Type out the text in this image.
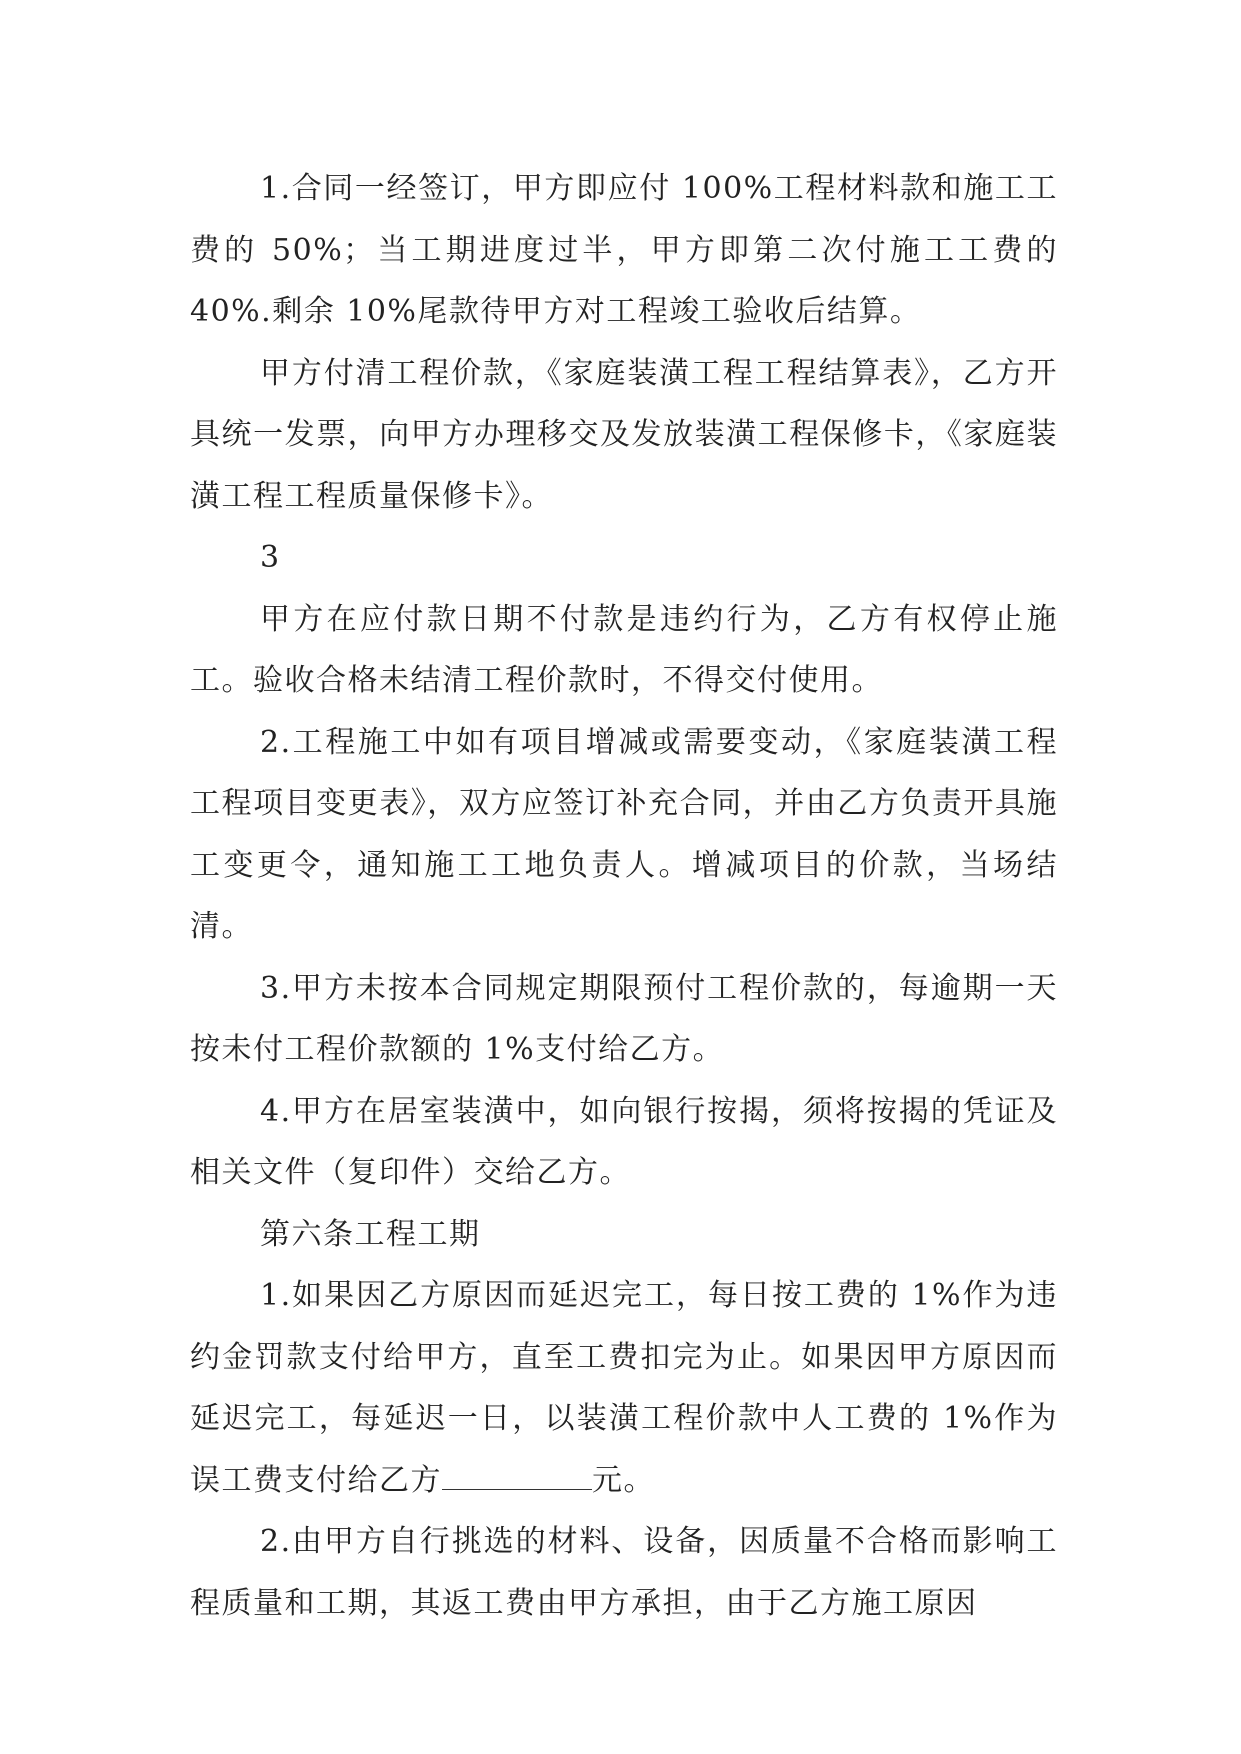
1.合同一经签订，甲方即应付 100%工程材料款和施工工费的 50%；当工期进度过半，甲方即第二次付施工工费的 40%.剩余 10%尾款待甲方对工程竣工验收后结算。

甲方付清工程价款，《家庭装潢工程工程结算表》，乙方开具统一发票，向甲方办理移交及发放装潢工程保修卡，《家庭装潢工程工程质量保修卡》。

3

甲方在应付款日期不付款是违约行为，乙方有权停止施工。验收合格未结清工程价款时，不得交付使用。

2.工程施工中如有项目增减或需要变动，《家庭装潢工程工程项目变更表》，双方应签订补充合同，并由乙方负责开具施工变更令，通知施工工地负责人。增减项目的价款，当场结清。

3.甲方未按本合同规定期限预付工程价款的，每逾期一天按未付工程价款额的 1%支付给乙方。

4.甲方在居室装潢中，如向银行按揭，须将按揭的凭证及相关文件（复印件）交给乙方。

第六条工程工期

1.如果因乙方原因而延迟完工，每日按工费的 1%作为违约金罚款支付给甲方，直至工费扣完为止。如果因甲方原因而延迟完工，每延迟一日，以装潢工程价款中人工费的 1%作为误工费支付给乙方	元。

2.由甲方自行挑选的材料、设备，因质量不合格而影响工程质量和工期，其返工费由甲方承担，由于乙方施工原因
